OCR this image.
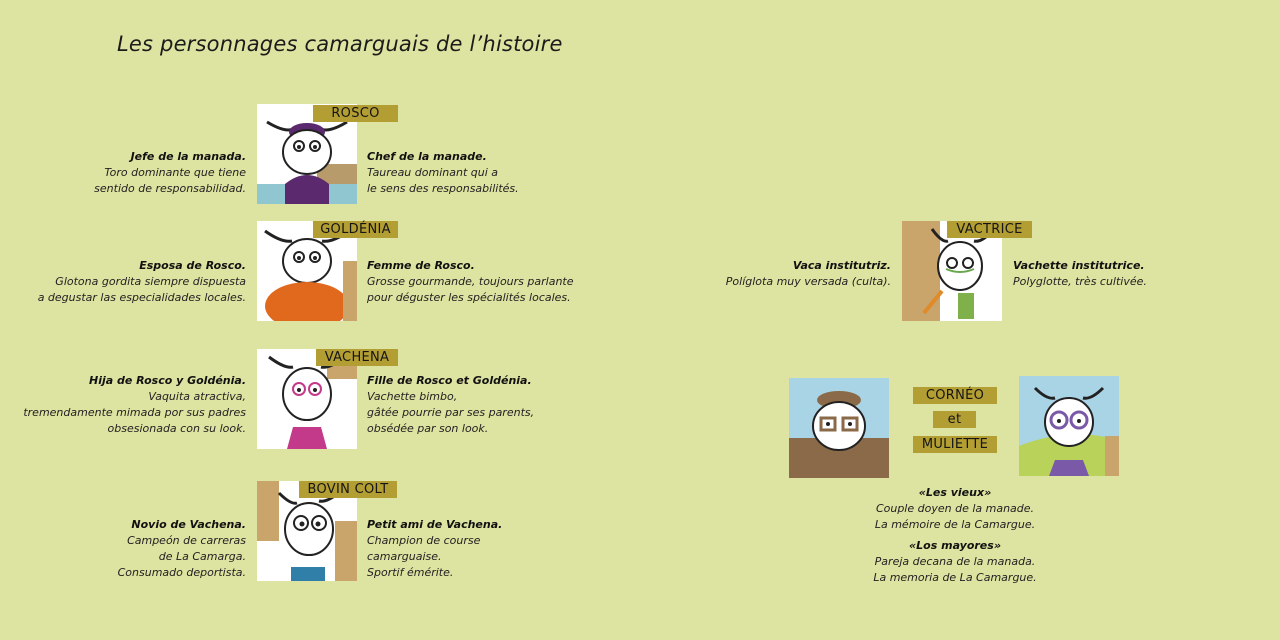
Les personnages camarguais de l’histoire
ROSCO
Jefe de la manada.
Toro dominante que tiene
sentido de responsabilidad.
Chef de la manade.
Taureau dominant qui a
le sens des responsabilités.
GOLDÉNIA
Esposa de Rosco.
Glotona gordita siempre dispuesta
a degustar las especialidades locales.
Femme de Rosco.
Grosse gourmande, toujours parlante
pour déguster les spécialités locales.
VACHENA
Hija de Rosco y Goldénia.
Vaquita atractiva,
tremendamente mimada por sus padres
obsesionada con su look.
Fille de Rosco et Goldénia.
Vachette bimbo,
gâtée pourrie par ses parents,
obsédée par son look.
BOVIN COLT
Novio de Vachena.
Campeón de carreras
de La Camarga.
Consumado deportista.
Petit ami de Vachena.
Champion de course
camarguaise.
Sportif émérite.
VACTRICE
Vaca institutriz.
Políglota muy versada (culta).
Vachette institutrice.
Polyglotte, très cultivée.
CORNÉO
et
MULIETTE
«Les vieux»
Couple doyen de la manade.
La mémoire de la Camargue.
«Los mayores»
Pareja decana de la manada.
La memoria de La Camargue.
